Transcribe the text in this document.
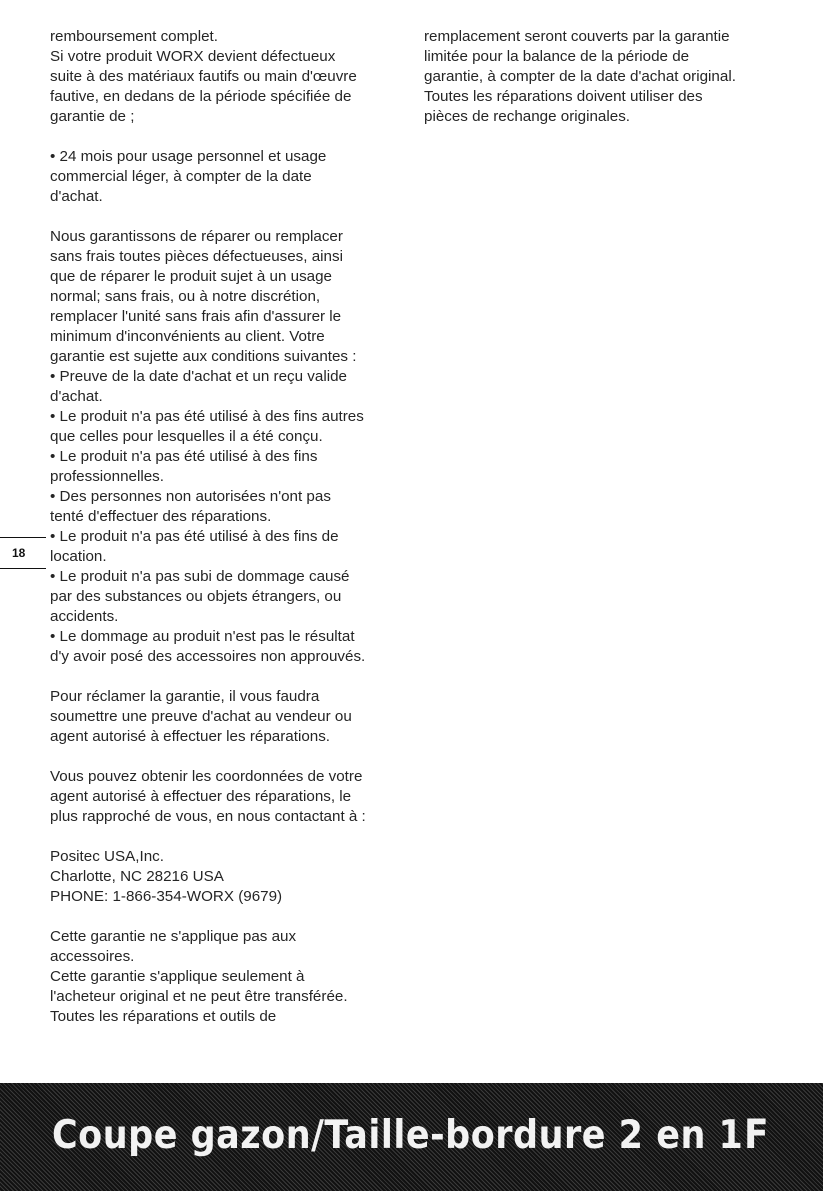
remboursement complet.

Si votre produit WORX devient défectueux

suite à des matériaux fautifs ou main d'œuvre

fautive, en dedans de la période spécifiée de

garantie de ;

• 24 mois pour usage personnel et usage

commercial léger, à compter de la date

d'achat.

Nous garantissons de réparer ou remplacer

sans frais toutes pièces défectueuses, ainsi

que de réparer le produit sujet à un usage

normal; sans frais, ou à notre discrétion,

remplacer l'unité sans frais afin d'assurer le

minimum d'inconvénients au client. Votre

garantie est sujette aux conditions suivantes :

• Preuve de la date d'achat et un reçu valide

d'achat.

• Le produit n'a pas été utilisé à des fins autres

que celles pour lesquelles il a été conçu.

• Le produit n'a pas été utilisé à des fins

professionnelles.

• Des personnes non autorisées n'ont pas

tenté d'effectuer des réparations.

• Le produit n'a pas été utilisé à des fins de

location.

• Le produit n'a pas subi de dommage causé

par des substances ou objets étrangers, ou

accidents.

• Le dommage au produit n'est pas le résultat

d'y avoir posé des accessoires non approuvés.

Pour réclamer la garantie, il vous faudra

soumettre une preuve d'achat au vendeur ou

agent autorisé à effectuer les réparations.

Vous pouvez obtenir les coordonnées de votre

agent autorisé à effectuer des réparations, le

plus rapproché de vous, en nous contactant à :

Positec USA,Inc.

Charlotte, NC 28216 USA

PHONE: 1-866-354-WORX (9679)

Cette garantie ne s'applique pas aux

accessoires.

Cette garantie s'applique seulement à

l'acheteur original et ne peut être transférée.

Toutes les réparations et outils de

remplacement seront couverts par la garantie

limitée pour la balance de la période de

garantie, à compter de la date d'achat original.

Toutes les réparations doivent utiliser des

pièces de rechange originales.

18
Coupe gazon/Taille-bordure 2 en 1 F
